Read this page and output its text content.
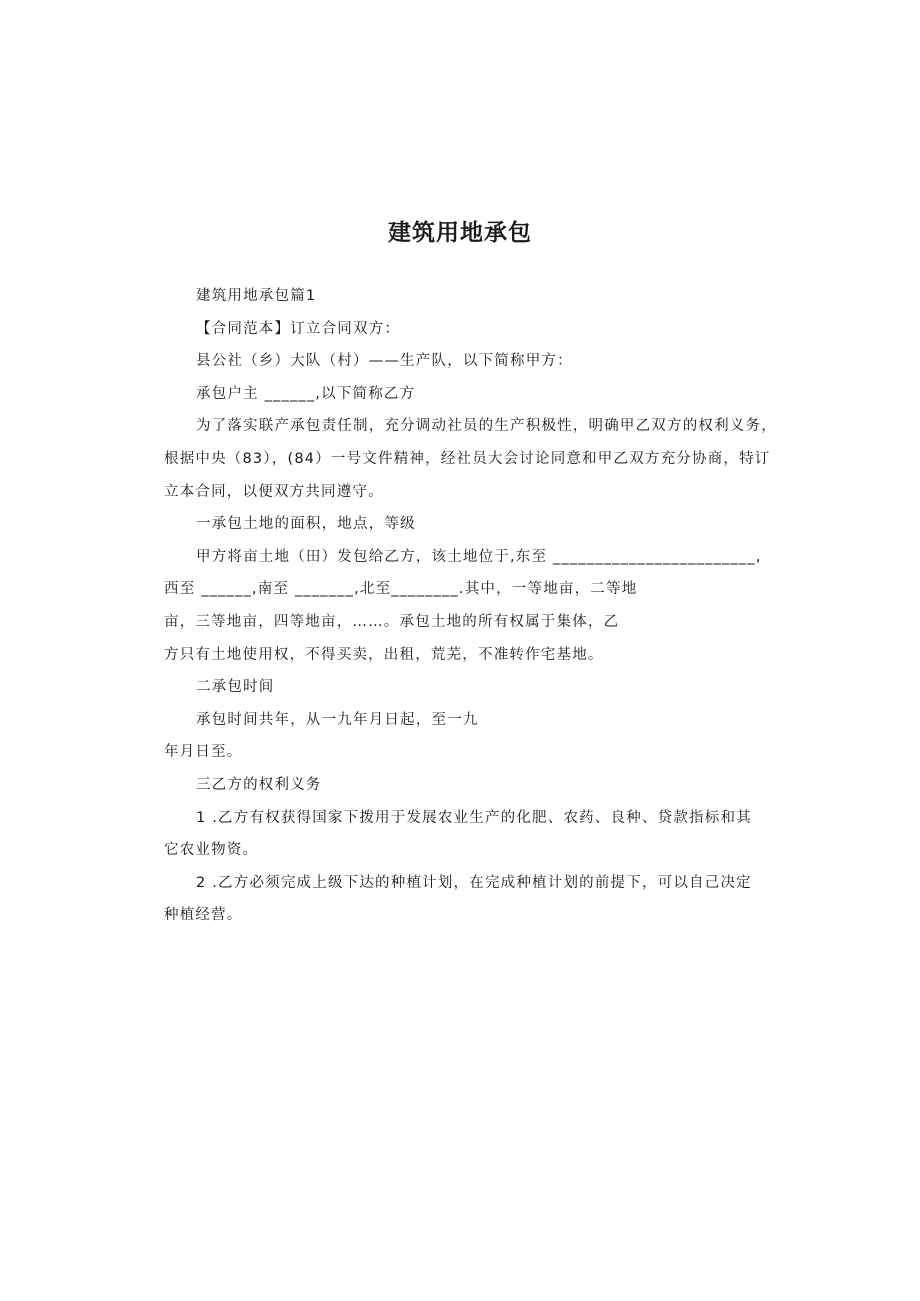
建筑用地承包
建筑用地承包篇1
【合同范本】订立合同双方：
县公社（乡）大队（村）——生产队，以下简称甲方：
承包户主 ______,以下简称乙方
为了落实联产承包责任制，充分调动社员的生产积极性，明确甲乙双方的权利义务，
根据中央（83），(84）一号文件精神，经社员大会讨论同意和甲乙双方充分协商，特订
立本合同，以便双方共同遵守。
一承包土地的面积，地点，等级
甲方将亩土地（田）发包给乙方，该土地位于,东至 ________________________,
西至 ______,南至 _______,北至________.其中，一等地亩，二等地
亩，三等地亩，四等地亩，……。承包土地的所有权属于集体，乙
方只有土地使用权，不得买卖，出租，荒芜，不准转作宅基地。
二承包时间
承包时间共年，从一九年月日起，至一九
年月日至。
三乙方的权利义务
1 .乙方有权获得国家下拨用于发展农业生产的化肥、农药、良种、贷款指标和其
它农业物资。
2 .乙方必须完成上级下达的种植计划，在完成种植计划的前提下，可以自己决定
种植经营。
